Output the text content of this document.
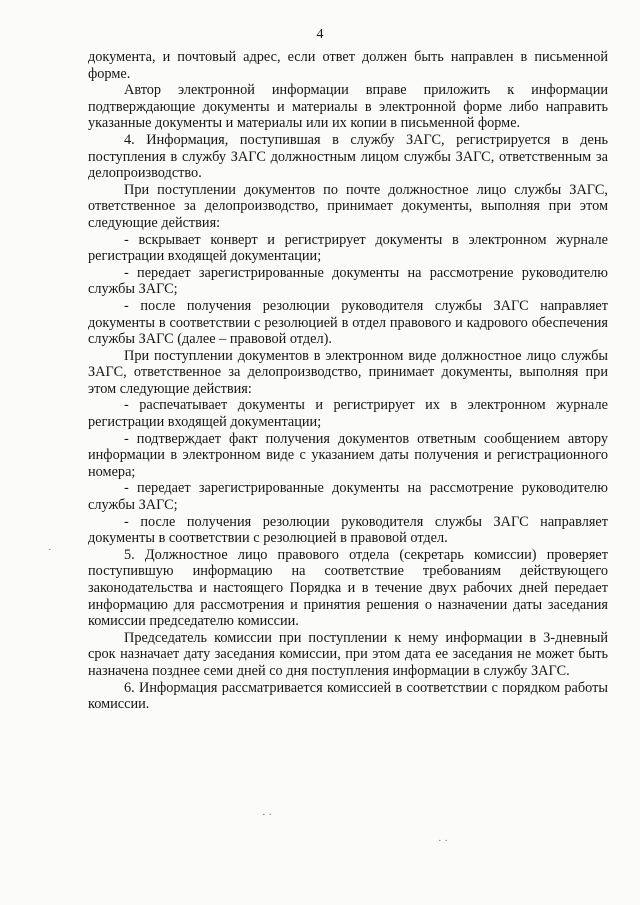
4

документа, и почтовый адрес, если ответ должен быть направлен в письменной форме.

Автор электронной информации вправе приложить к информации подтверждающие документы и материалы в электронной форме либо направить указанные документы и материалы или их копии в письменной форме.

4. Информация, поступившая в службу ЗАГС, регистрируется в день поступления в службу ЗАГС должностным лицом службы ЗАГС, ответственным за делопроизводство.

При поступлении документов по почте должностное лицо службы ЗАГС, ответственное за делопроизводство, принимает документы, выполняя при этом следующие действия:

- вскрывает конверт и регистрирует документы в электронном журнале регистрации входящей документации;

- передает зарегистрированные документы на рассмотрение руководителю службы ЗАГС;

- после получения резолюции руководителя службы ЗАГС направляет документы в соответствии с резолюцией в отдел правового и кадрового обеспечения службы ЗАГС (далее – правовой отдел).

При поступлении документов в электронном виде должностное лицо службы ЗАГС, ответственное за делопроизводство, принимает документы, выполняя при этом следующие действия:

- распечатывает документы и регистрирует их в электронном журнале регистрации входящей документации;

- подтверждает факт получения документов ответным сообщением автору информации в электронном виде с указанием даты получения и регистрационного номера;

- передает зарегистрированные документы на рассмотрение руководителю службы ЗАГС;

- после получения резолюции руководителя службы ЗАГС направляет документы в соответствии с резолюцией в правовой отдел.

5. Должностное лицо правового отдела (секретарь комиссии) проверяет поступившую информацию на соответствие требованиям действующего законодательства и настоящего Порядка и в течение двух рабочих дней передает информацию для рассмотрения и принятия решения о назначении даты заседания комиссии председателю комиссии.

Председатель комиссии при поступлении к нему информации в 3-дневный срок назначает дату заседания комиссии, при этом дата ее заседания не может быть назначена позднее семи дней со дня поступления информации в службу ЗАГС.

6. Информация рассматривается комиссией в соответствии с порядком работы комиссии.

·
· ·
· ·
